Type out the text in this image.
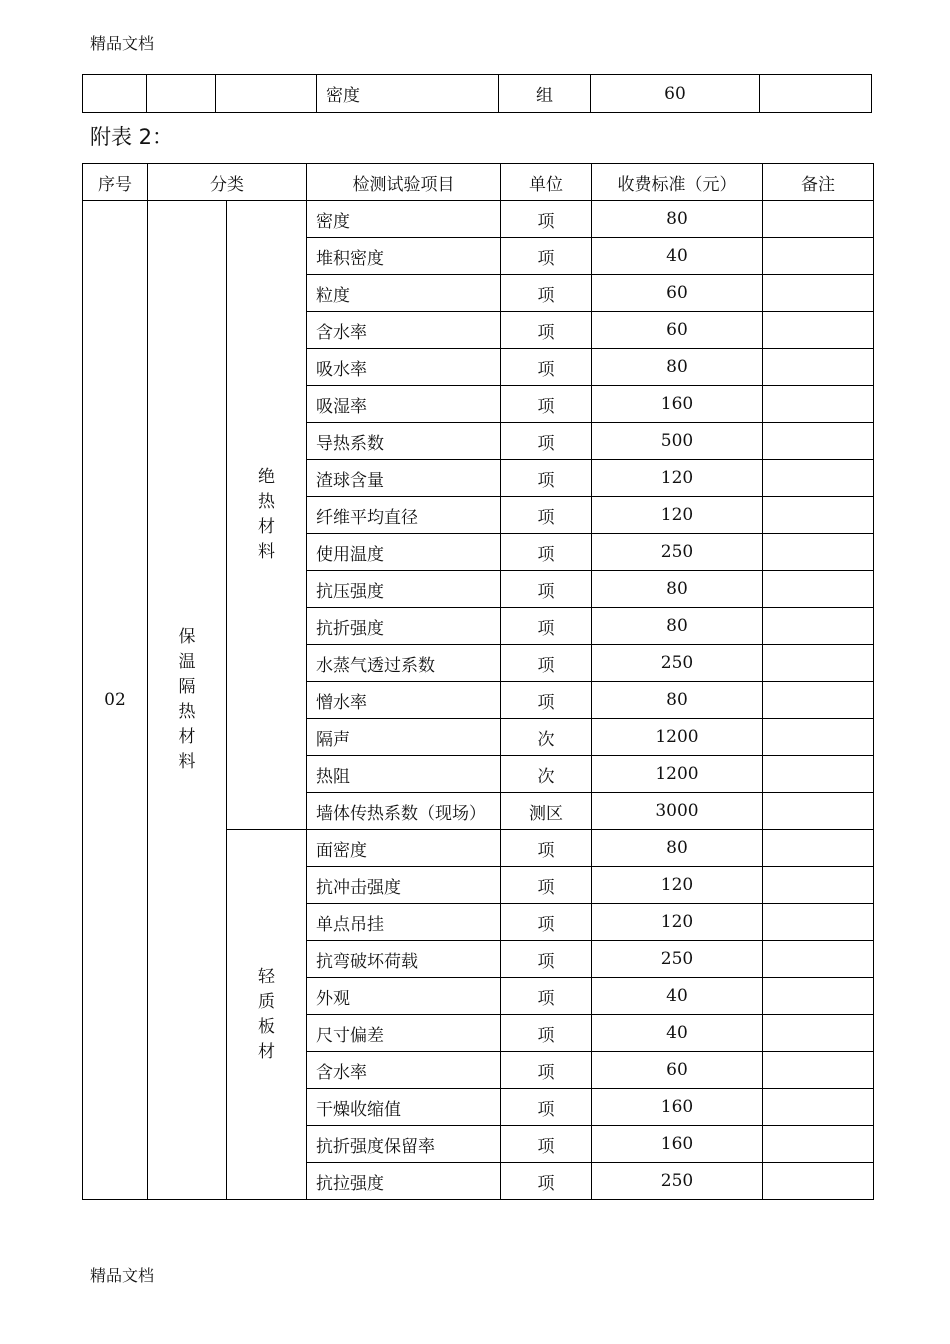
精品文档
			密度	组	60	
附表 2：
序号	分类		检测试验项目	单位	收费标准（元）	备注
02	保温隔热材料	绝热材料	密度	项	80	
			堆积密度	项	40	
			粒度	项	60	
			含水率	项	60	
			吸水率	项	80	
			吸湿率	项	160	
			导热系数	项	500	
			渣球含量	项	120	
			纤维平均直径	项	120	
			使用温度	项	250	
			抗压强度	项	80	
			抗折强度	项	80	
			水蒸气透过系数	项	250	
			憎水率	项	80	
			隔声	次	1200	
			热阻	次	1200	
			墙体传热系数（现场）	测区	3000	
		轻质板材	面密度	项	80	
			抗冲击强度	项	120	
			单点吊挂	项	120	
			抗弯破坏荷载	项	250	
			外观	项	40	
			尺寸偏差	项	40	
			含水率	项	60	
			干燥收缩值	项	160	
			抗折强度保留率	项	160	
			抗拉强度	项	250	
精品文档
